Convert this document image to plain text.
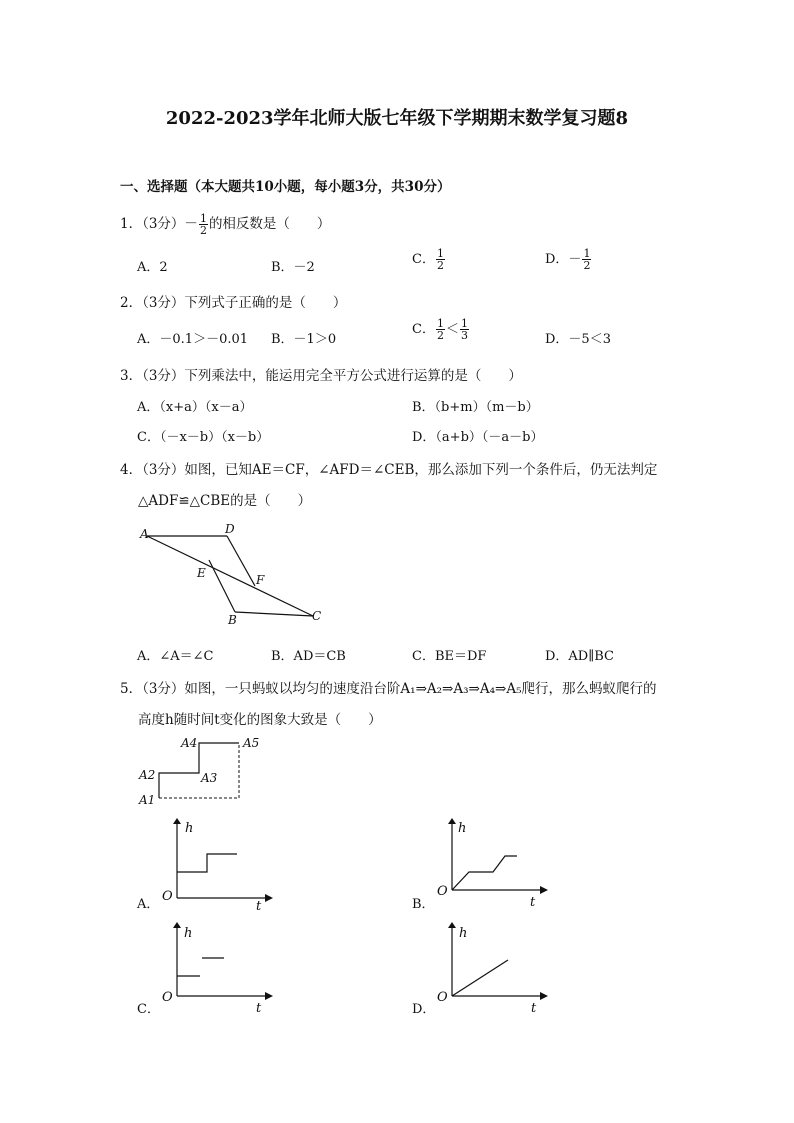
2022-2023学年北师大版七年级下学期期末数学复习题8
一、选择题（本大题共10小题，每小题3分，共30分）
1．（3分）－ $\frac{1}{2}$ 的相反数是（　　）
A．2	B．－2
C． $\frac{1}{2}$	D．－ $\frac{1}{2}$
2．（3分）下列式子正确的是（　　）
A．－0.1＞－0.01 B．－1＞0
C． $\frac{1}{2} < \frac{1}{3}$	D．－5＜3
3．（3分）下列乘法中，能运用完全平方公式进行运算的是（　　）
A．（x+a）（x－a）	B．（b+m）（m－b）
C．（－x－b）（x－b）	D．（a+b）（－a－b）
4．（3分）如图，已知AE＝CF，∠AFD＝∠CEB，那么添加下列一个条件后，仍无法判定
△ADF≌△CBE的是（　　）
A	D
E	F
B	C
A．∠A＝∠C	B．AD＝CB	C．BE＝DF	D．AD∥BC
5．（3分）如图，一只蚂蚁以均匀的速度沿台阶A₁⇒A₂⇒A₃⇒A₄⇒A₅爬行，那么蚂蚁爬行的
高度h随时间t变化的图象大致是（　　）
A1
A2	A3
A4	A5
A．
h
t
O
B．
h
t
O
C．
h
t
O
D．
h
t
O
